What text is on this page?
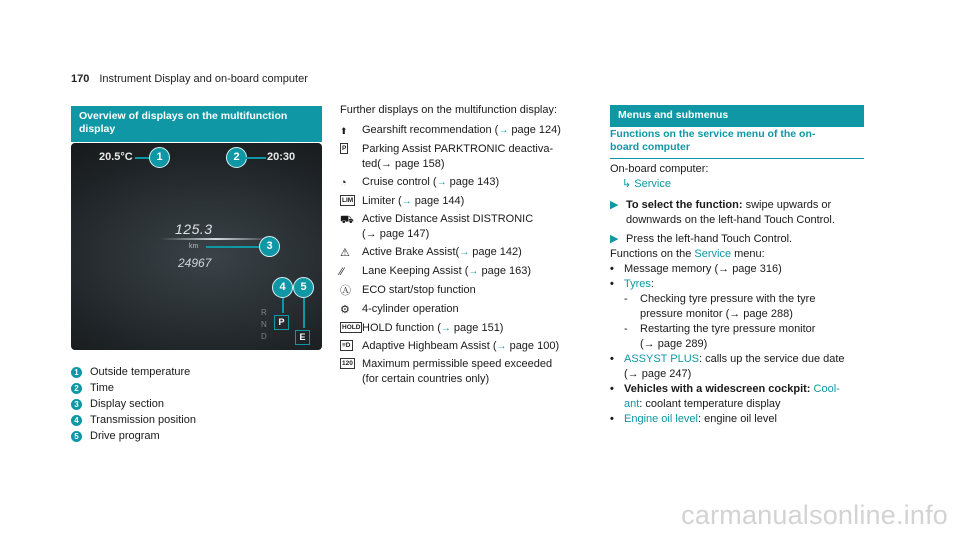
170 Instrument Display and on-board computer
Overview of displays on the multifunction
display
20.5°C	1	2	20:30
125.3
km	3
24967
4	5
R
N
D
P
E
1 Outside temperature
2 Time
3 Display section
4 Transmission position
5 Drive program
Further displays on the multifunction display:
⬆ Gearshift recommendation (→ page 124)
P Parking Assist PARKTRONIC deactiva-
ted(→ page 158)
◔ Cruise control (→ page 143)
LIM Limiter (→ page 144)
⛟ Active Distance Assist DISTRONIC
(→ page 147)
⚠ Active Brake Assist(→ page 142)
⁄⁄ Lane Keeping Assist (→ page 163)
Ⓐ ECO start/stop function
⚙ 4-cylinder operation
HOLD HOLD function (→ page 151)
≡D Adaptive Highbeam Assist (→ page 100)
120 Maximum permissible speed exceeded
(for certain countries only)
Menus and submenus
Functions on the service menu of the on-
board computer
On-board computer:
↳ Service
▶ To select the function: swipe upwards or
downwards on the left-hand Touch Control.
▶ Press the left-hand Touch Control.
Functions on the Service menu:
• Message memory (→ page 316)
• Tyres:
-	Checking tyre pressure with the tyre
pressure monitor (→ page 288)
-	Restarting the tyre pressure monitor
(→ page 289)
• ASSYST PLUS: calls up the service due date
(→ page 247)
• Vehicles with a widescreen cockpit: Cool-
ant: coolant temperature display
• Engine oil level: engine oil level
carmanualsonline.info
